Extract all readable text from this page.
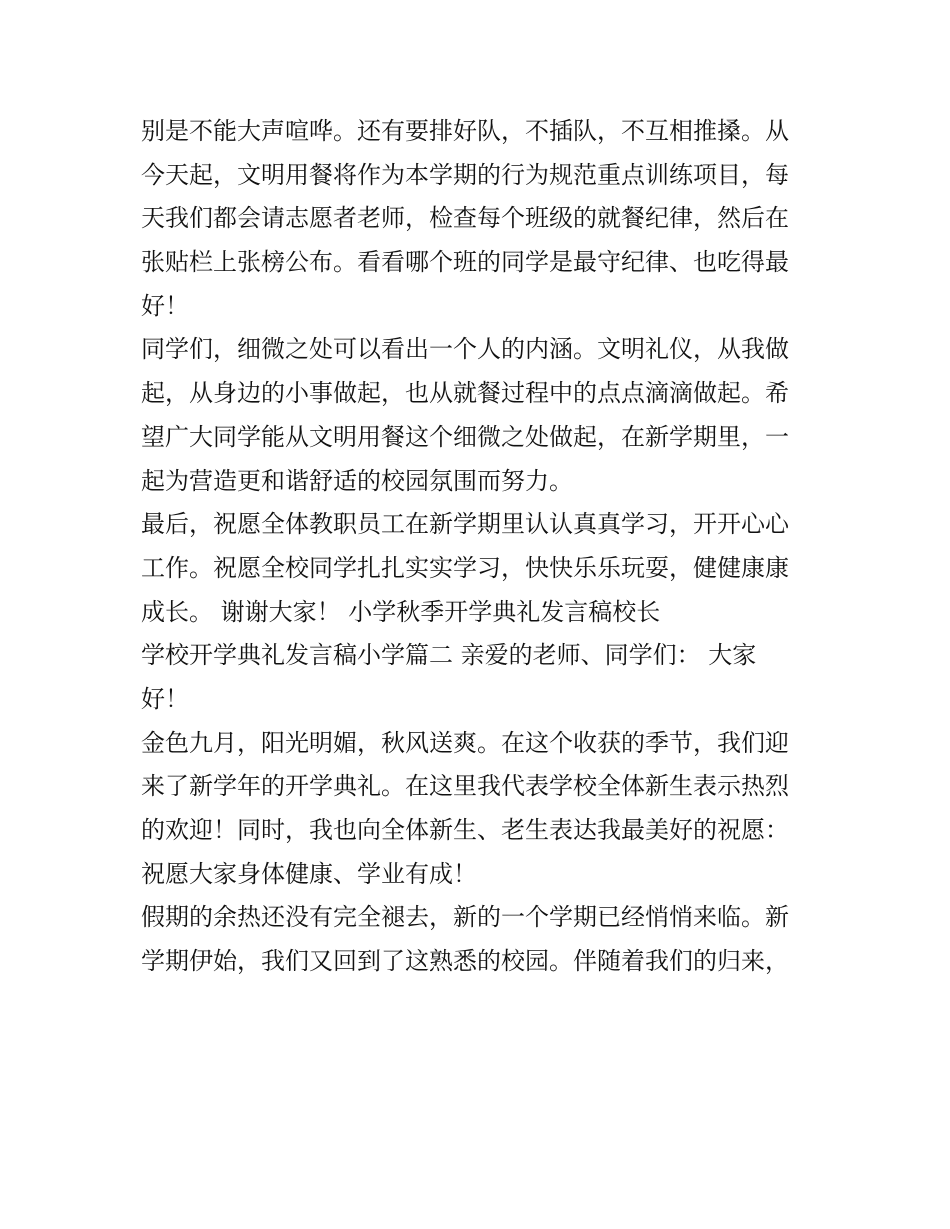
别是不能大声喧哗。还有要排好队，不插队，不互相推搡。从
今天起，文明用餐将作为本学期的行为规范重点训练项目，每
天我们都会请志愿者老师，检查每个班级的就餐纪律，然后在
张贴栏上张榜公布。看看哪个班的同学是最守纪律、也吃得最
好！
同学们，细微之处可以看出一个人的内涵。文明礼仪，从我做
起，从身边的小事做起，也从就餐过程中的点点滴滴做起。希
望广大同学能从文明用餐这个细微之处做起，在新学期里，一
起为营造更和谐舒适的校园氛围而努力。
最后，祝愿全体教职员工在新学期里认认真真学习，开开心心
工作。祝愿全校同学扎扎实实学习，快快乐乐玩耍，健健康康
成长。 谢谢大家！ 小学秋季开学典礼发言稿校长
学校开学典礼发言稿小学篇二 亲爱的老师、同学们： 大家
好！
金色九月，阳光明媚，秋风送爽。在这个收获的季节，我们迎
来了新学年的开学典礼。在这里我代表学校全体新生表示热烈
的欢迎！同时，我也向全体新生、老生表达我最美好的祝愿：
祝愿大家身体健康、学业有成！
假期的余热还没有完全褪去，新的一个学期已经悄悄来临。新
学期伊始，我们又回到了这熟悉的校园。伴随着我们的归来，
